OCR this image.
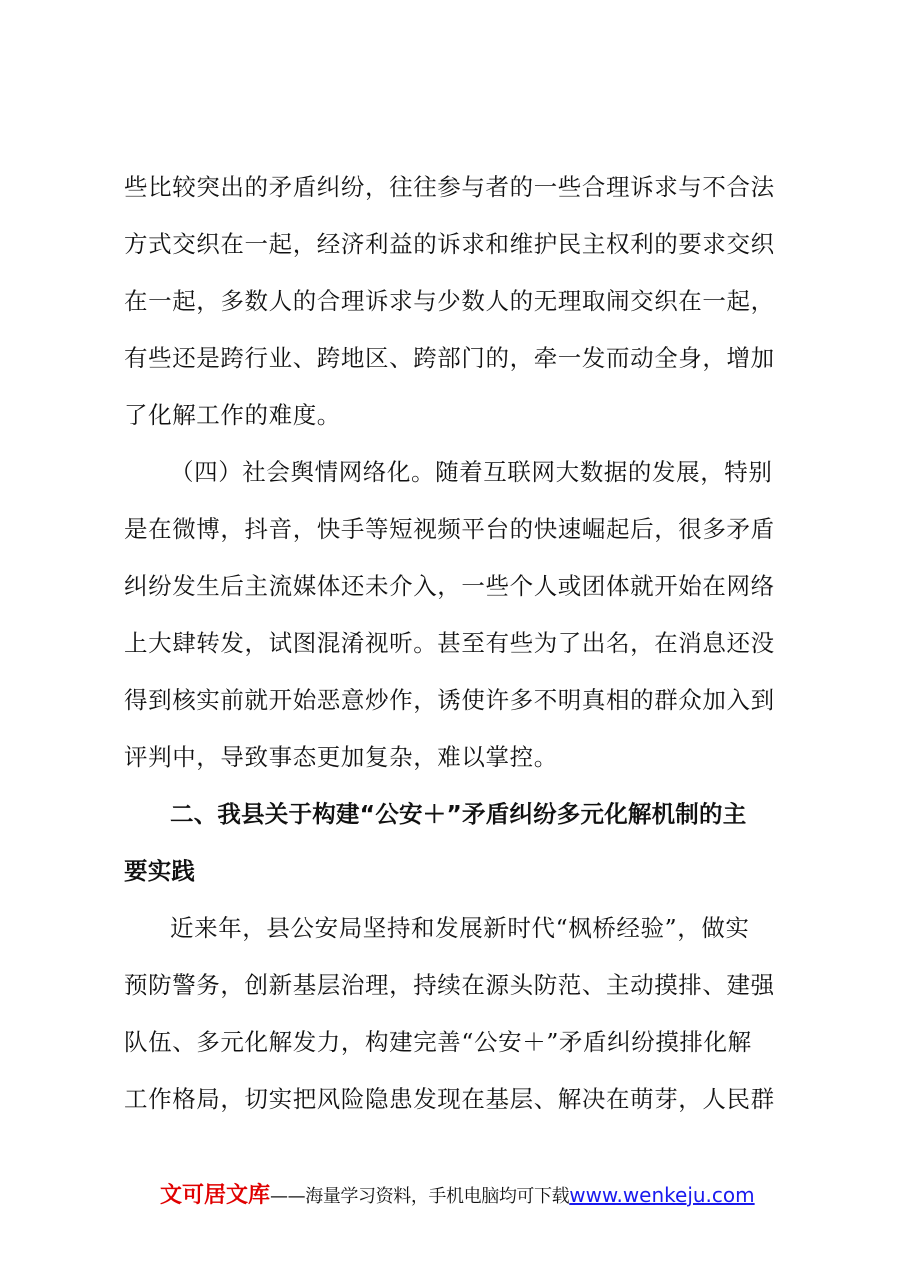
些比较突出的矛盾纠纷，往往参与者的一些合理诉求与不合法
方式交织在一起，经济利益的诉求和维护民主权利的要求交织
在一起，多数人的合理诉求与少数人的无理取闹交织在一起，
有些还是跨行业、跨地区、跨部门的，牵一发而动全身，增加
了化解工作的难度。
（四）社会舆情网络化。随着互联网大数据的发展，特别
是在微博，抖音，快手等短视频平台的快速崛起后，很多矛盾
纠纷发生后主流媒体还未介入，一些个人或团体就开始在网络
上大肆转发，试图混淆视听。甚至有些为了出名，在消息还没
得到核实前就开始恶意炒作，诱使许多不明真相的群众加入到
评判中，导致事态更加复杂，难以掌控。
二、我县关于构建“公安＋”矛盾纠纷多元化解机制的主
要实践
近来年，县公安局坚持和发展新时代“枫桥经验”，做实
预防警务，创新基层治理，持续在源头防范、主动摸排、建强
队伍、多元化解发力，构建完善“公安＋”矛盾纠纷摸排化解
工作格局，切实把风险隐患发现在基层、解决在萌芽，人民群
文可居文库——海量学习资料，手机电脑均可下载www.wenkeju.com
